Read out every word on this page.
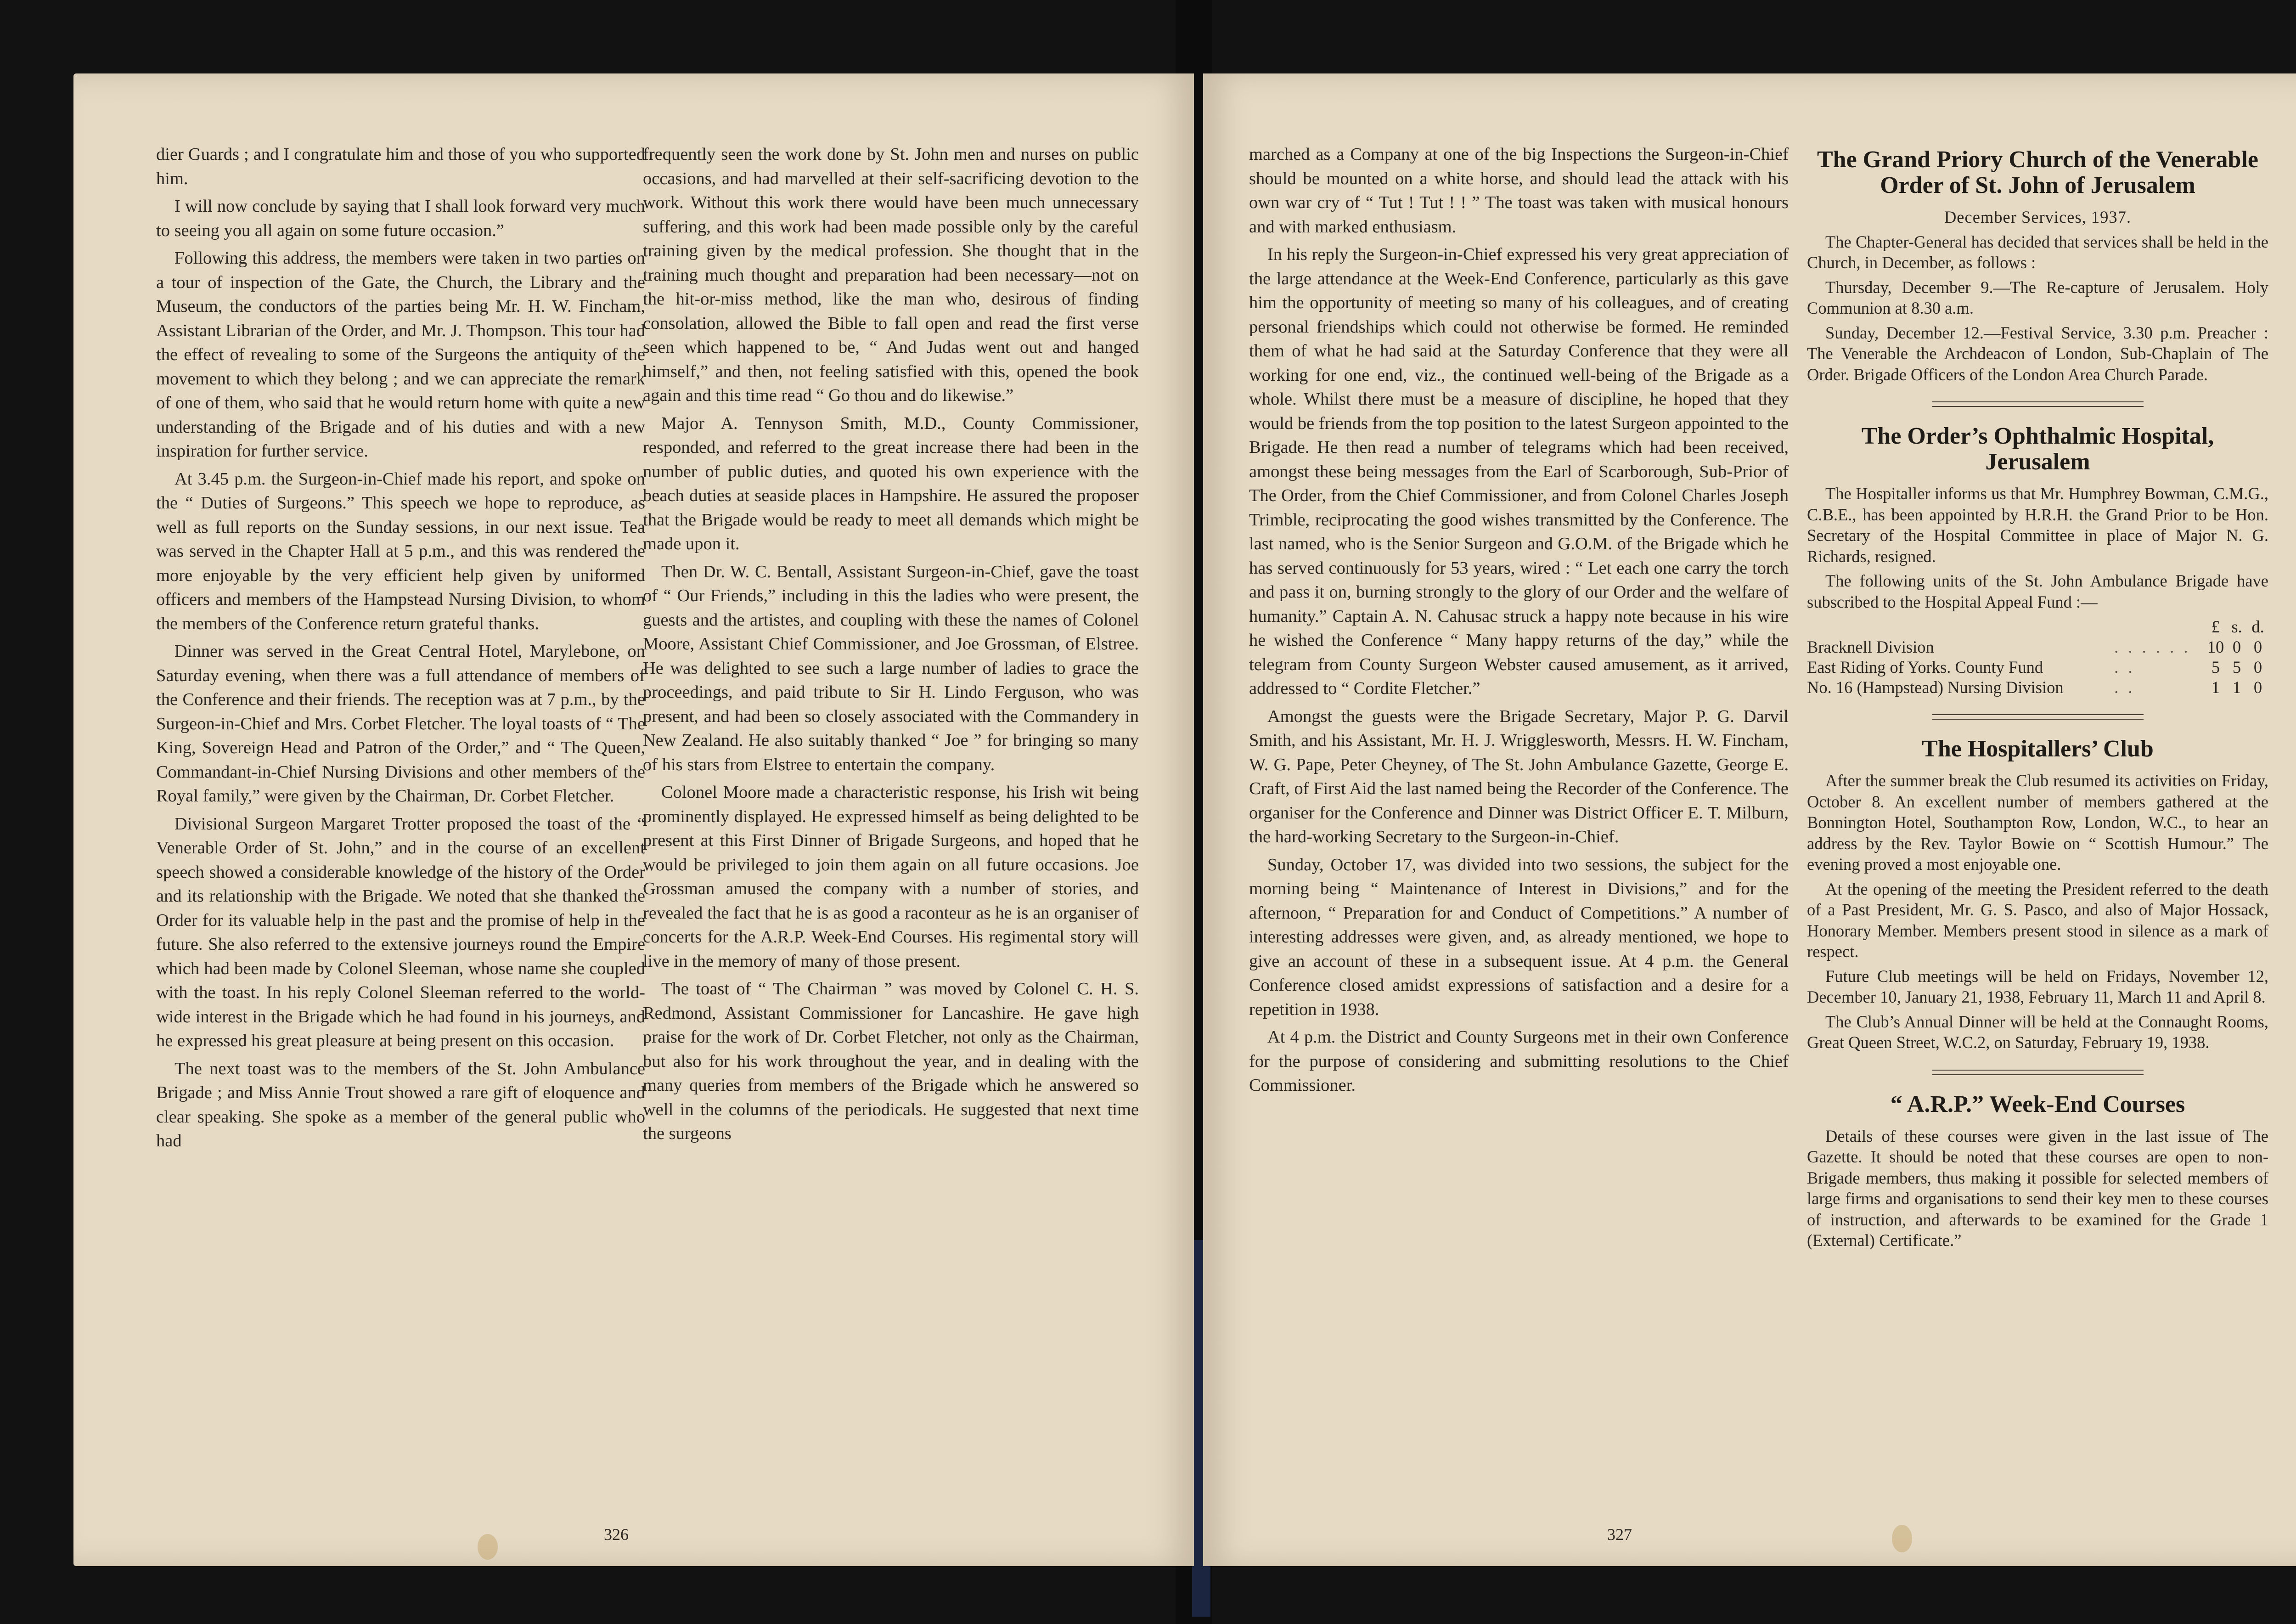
dier Guards ; and I congratulate him and those of you who supported him.

I will now conclude by saying that I shall look forward very much to seeing you all again on some future occasion.”

Following this address, the members were taken in two parties on a tour of inspection of the Gate, the Church, the Library and the Museum, the conductors of the parties being Mr. H. W. Fincham, Assistant Librarian of the Order, and Mr. J. Thompson. This tour had the effect of revealing to some of the Surgeons the antiquity of the movement to which they belong ; and we can appreciate the remark of one of them, who said that he would return home with quite a new understanding of the Brigade and of his duties and with a new inspiration for further service.

At 3.45 p.m. the Surgeon-in-Chief made his report, and spoke on the “ Duties of Surgeons.” This speech we hope to reproduce, as well as full reports on the Sunday sessions, in our next issue. Tea was served in the Chapter Hall at 5 p.m., and this was rendered the more enjoyable by the very efficient help given by uniformed officers and members of the Hampstead Nursing Division, to whom the members of the Conference return grateful thanks.

Dinner was served in the Great Central Hotel, Marylebone, on Saturday evening, when there was a full attendance of members of the Conference and their friends. The reception was at 7 p.m., by the Surgeon-in-Chief and Mrs. Corbet Fletcher. The loyal toasts of “ The King, Sovereign Head and Patron of the Order,” and “ The Queen, Commandant-in-Chief Nursing Divisions and other members of the Royal family,” were given by the Chairman, Dr. Corbet Fletcher.

Divisional Surgeon Margaret Trotter proposed the toast of the “ Venerable Order of St. John,” and in the course of an excellent speech showed a considerable knowledge of the history of the Order and its relationship with the Brigade. We noted that she thanked the Order for its valuable help in the past and the promise of help in the future. She also referred to the extensive journeys round the Empire which had been made by Colonel Sleeman, whose name she coupled with the toast. In his reply Colonel Sleeman referred to the world-wide interest in the Brigade which he had found in his journeys, and he expressed his great pleasure at being present on this occasion.

The next toast was to the members of the St. John Ambulance Brigade ; and Miss Annie Trout showed a rare gift of eloquence and clear speaking. She spoke as a member of the general public who had

frequently seen the work done by St. John men and nurses on public occasions, and had marvelled at their self-sacrificing devotion to the work. Without this work there would have been much unnecessary suffering, and this work had been made possible only by the careful training given by the medical profession. She thought that in the training much thought and preparation had been necessary—not on the hit-or-miss method, like the man who, desirous of finding consolation, allowed the Bible to fall open and read the first verse seen which happened to be, “ And Judas went out and hanged himself,” and then, not feeling satisfied with this, opened the book again and this time read “ Go thou and do likewise.”

Major A. Tennyson Smith, M.D., County Commissioner, responded, and referred to the great increase there had been in the number of public duties, and quoted his own experience with the beach duties at seaside places in Hampshire. He assured the proposer that the Brigade would be ready to meet all demands which might be made upon it.

Then Dr. W. C. Bentall, Assistant Surgeon-in-Chief, gave the toast of “ Our Friends,” including in this the ladies who were present, the guests and the artistes, and coupling with these the names of Colonel Moore, Assistant Chief Commissioner, and Joe Grossman, of Elstree. He was delighted to see such a large number of ladies to grace the proceedings, and paid tribute to Sir H. Lindo Ferguson, who was present, and had been so closely associated with the Commandery in New Zealand. He also suitably thanked “ Joe ” for bringing so many of his stars from Elstree to entertain the company.

Colonel Moore made a characteristic response, his Irish wit being prominently displayed. He expressed himself as being delighted to be present at this First Dinner of Brigade Surgeons, and hoped that he would be privileged to join them again on all future occasions. Joe Grossman amused the company with a number of stories, and revealed the fact that he is as good a raconteur as he is an organiser of concerts for the A.R.P. Week-End Courses. His regimental story will live in the memory of many of those present.

The toast of “ The Chairman ” was moved by Colonel C. H. S. Redmond, Assistant Commissioner for Lancashire. He gave high praise for the work of Dr. Corbet Fletcher, not only as the Chairman, but also for his work throughout the year, and in dealing with the many queries from members of the Brigade which he answered so well in the columns of the periodicals. He suggested that next time the surgeons

326

marched as a Company at one of the big Inspections the Surgeon-in-Chief should be mounted on a white horse, and should lead the attack with his own war cry of “ Tut ! Tut ! ! ” The toast was taken with musical honours and with marked enthusiasm.

In his reply the Surgeon-in-Chief expressed his very great appreciation of the large attendance at the Week-End Conference, particularly as this gave him the opportunity of meeting so many of his colleagues, and of creating personal friendships which could not otherwise be formed. He reminded them of what he had said at the Saturday Conference that they were all working for one end, viz., the continued well-being of the Brigade as a whole. Whilst there must be a measure of discipline, he hoped that they would be friends from the top position to the latest Surgeon appointed to the Brigade. He then read a number of telegrams which had been received, amongst these being messages from the Earl of Scarborough, Sub-Prior of The Order, from the Chief Commissioner, and from Colonel Charles Joseph Trimble, reciprocating the good wishes transmitted by the Conference. The last named, who is the Senior Surgeon and G.O.M. of the Brigade which he has served continuously for 53 years, wired : “ Let each one carry the torch and pass it on, burning strongly to the glory of our Order and the welfare of humanity.” Captain A. N. Cahusac struck a happy note because in his wire he wished the Conference “ Many happy returns of the day,” while the telegram from County Surgeon Webster caused amusement, as it arrived, addressed to “ Cordite Fletcher.”

Amongst the guests were the Brigade Secretary, Major P. G. Darvil Smith, and his Assistant, Mr. H. J. Wrigglesworth, Messrs. H. W. Fincham, W. G. Pape, Peter Cheyney, of The St. John Ambulance Gazette, George E. Craft, of First Aid the last named being the Recorder of the Conference. The organiser for the Conference and Dinner was District Officer E. T. Milburn, the hard-working Secretary to the Surgeon-in-Chief.

Sunday, October 17, was divided into two sessions, the subject for the morning being “ Maintenance of Interest in Divisions,” and for the afternoon, “ Preparation for and Conduct of Competitions.” A number of interesting addresses were given, and, as already mentioned, we hope to give an account of these in a subsequent issue. At 4 p.m. the General Conference closed amidst expressions of satisfaction and a desire for a repetition in 1938.

At 4 p.m. the District and County Surgeons met in their own Conference for the purpose of considering and submitting resolutions to the Chief Commissioner.

The Grand Priory Church of the Venerable Order of St. John of Jerusalem

December Services, 1937.

The Chapter-General has decided that services shall be held in the Church, in December, as follows :

Thursday, December 9.—The Re-capture of Jerusalem. Holy Communion at 8.30 a.m.

Sunday, December 12.—Festival Service, 3.30 p.m. Preacher : The Venerable the Archdeacon of London, Sub-Chaplain of The Order. Brigade Officers of the London Area Church Parade.

The Order’s Ophthalmic Hospital, Jerusalem

The Hospitaller informs us that Mr. Humphrey Bowman, C.M.G., C.B.E., has been appointed by H.R.H. the Grand Prior to be Hon. Secretary of the Hospital Committee in place of Major N. G. Richards, resigned.

The following units of the St. John Ambulance Brigade have subscribed to the Hospital Appeal Fund :—

		£	s.	d.
Bracknell Division	. . . . . .	10	0	0
East Riding of Yorks. County Fund	. .	5	5	0
No. 16 (Hampstead) Nursing Division	. .	1	1	0
The Hospitallers’ Club

After the summer break the Club resumed its activities on Friday, October 8. An excellent number of members gathered at the Bonnington Hotel, Southampton Row, London, W.C., to hear an address by the Rev. Taylor Bowie on “ Scottish Humour.” The evening proved a most enjoyable one.

At the opening of the meeting the President referred to the death of a Past President, Mr. G. S. Pasco, and also of Major Hossack, Honorary Member. Members present stood in silence as a mark of respect.

Future Club meetings will be held on Fridays, November 12, December 10, January 21, 1938, February 11, March 11 and April 8.

The Club’s Annual Dinner will be held at the Connaught Rooms, Great Queen Street, W.C.2, on Saturday, February 19, 1938.

“ A.R.P.” Week-End Courses

Details of these courses were given in the last issue of The Gazette. It should be noted that these courses are open to non-Brigade members, thus making it possible for selected members of large firms and organisations to send their key men to these courses of instruction, and afterwards to be examined for the Grade 1 (External) Certificate.”

327
